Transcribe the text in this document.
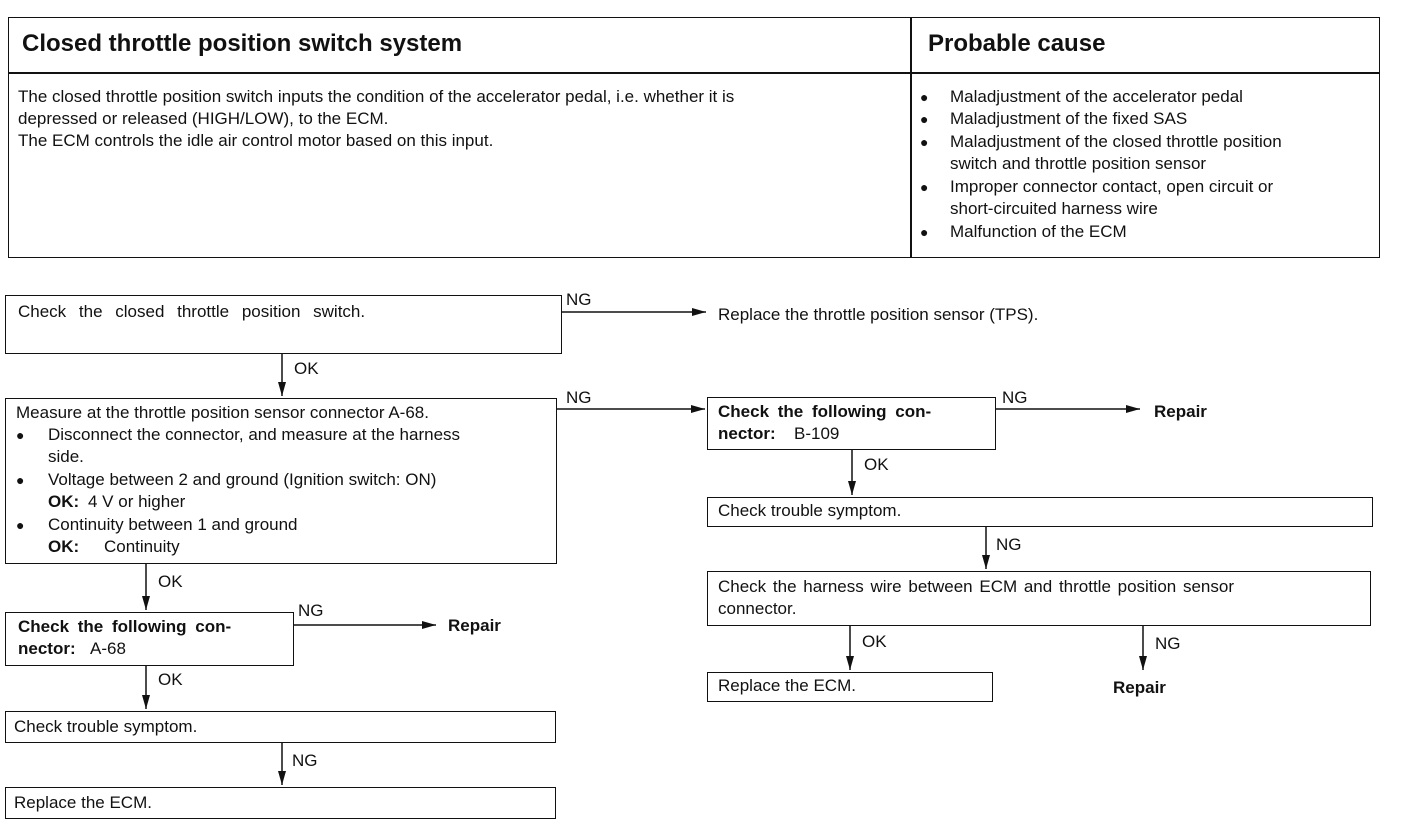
Closed throttle position switch system	Probable cause
The closed throttle position switch inputs the condition of the accelerator pedal, i.e. whether it is
depressed or released (HIGH/LOW), to the ECM.
The ECM controls the idle air control motor based on this input.
● Maladjustment of the accelerator pedal
● Maladjustment of the fixed SAS
● Maladjustment of the closed throttle position
switch and throttle position sensor
● Improper connector contact, open circuit or
short-circuited harness wire
● Malfunction of the ECM
Check the closed throttle position switch.	Replace the throttle position sensor (TPS).
Measure at the throttle position sensor connector A-68.
● Disconnect the connector, and measure at the harness
side.
● Voltage between 2 and ground (Ignition switch: ON)
OK: 4 V or higher
● Continuity between 1 and ground
OK: Continuity
Check the following con-
nector: A-68
Check trouble symptom.
Replace the ECM.
Check the following con-
nector: B-109
Check trouble symptom.
Check the harness wire between ECM and throttle position sensor
connector.
Replace the ECM.
Repair
Repair
Repair
NG
OK
NG	NG
OK
NG
OK
NG
OK
NG
OK	NG
